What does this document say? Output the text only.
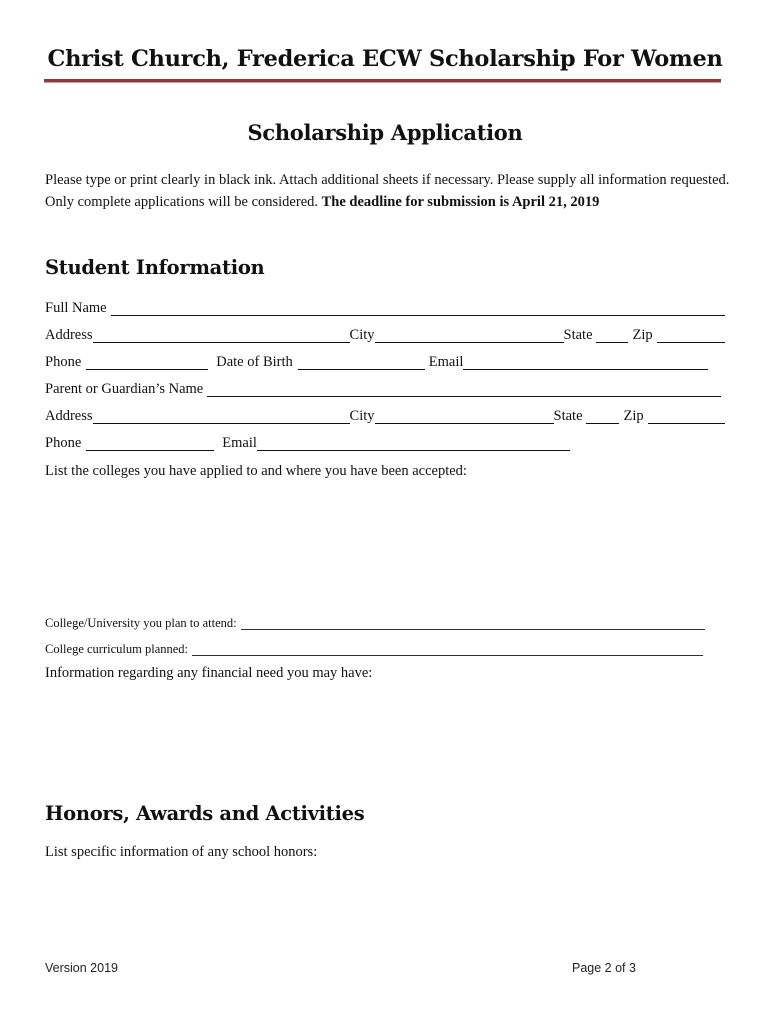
Christ Church, Frederica ECW Scholarship For Women
Scholarship Application
Please type or print clearly in black ink. Attach additional sheets if necessary. Please supply all information requested. Only complete applications will be considered. The deadline for submission is April 21, 2019
Student Information
Full Name
Address	City	State	Zip
Phone	Date of Birth	Email
Parent or Guardian’s Name
Address	City	State	Zip
Phone	Email
List the colleges you have applied to and where you have been accepted:
College/University you plan to attend:
College curriculum planned:
Information regarding any financial need you may have:
Honors, Awards and Activities
List specific information of any school honors:
Version 2019	Page 2 of 3
